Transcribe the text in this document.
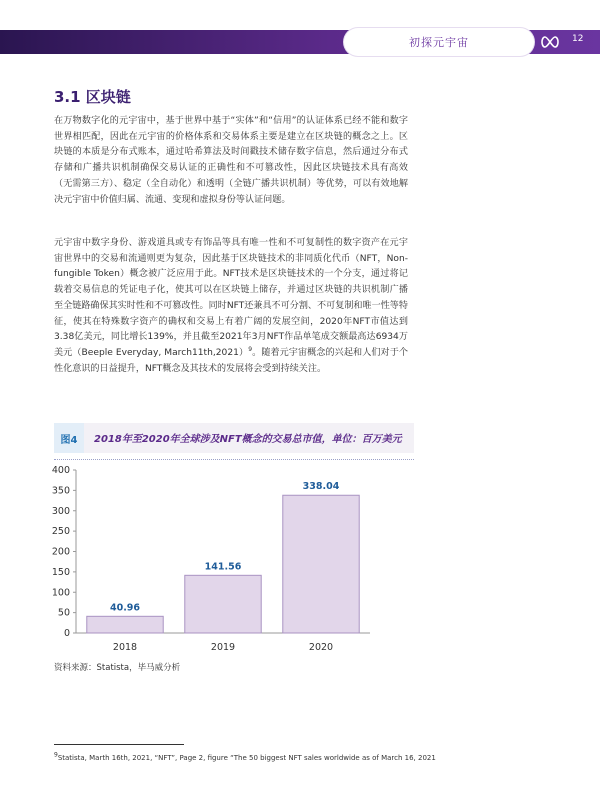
初探元宇宙	12
3.1 区块链

在万物数字化的元宇宙中，基于世界中基于“实体”和“信用”的认证体系已经不能和数字世界相匹配，因此在元宇宙的价格体系和交易体系主要是建立在区块链的概念之上。区块链的本质是分布式账本，通过哈希算法及时间戳技术储存数字信息，然后通过分布式存储和广播共识机制确保交易认证的正确性和不可篡改性，因此区块链技术具有高效（无需第三方）、稳定（全自动化）和透明（全链广播共识机制）等优势，可以有效地解决元宇宙中价值归属、流通、变现和虚拟身份等认证问题。

元宇宙中数字身份、游戏道具或专有饰品等具有唯一性和不可复制性的数字资产在元宇宙世界中的交易和流通则更为复杂，因此基于区块链技术的非同质化代币（NFT，Non-fungible Token）概念被广泛应用于此。NFT技术是区块链技术的一个分支，通过将记载着交易信息的凭证电子化，使其可以在区块链上储存，并通过区块链的共识机制广播至全链路确保其实时性和不可篡改性。同时NFT还兼具不可分割、不可复制和唯一性等特征，使其在特殊数字资产的确权和交易上有着广阔的发展空间，2020年NFT市值达到3.38亿美元，同比增长139%，并且截至2021年3月NFT作品单笔成交额最高达6934万美元（Beeple Everyday, March11th,2021）$^9$。随着元宇宙概念的兴起和人们对于个性化意识的日益提升，NFT概念及其技术的发展将会受到持续关注。

图4	2018年至2020年全球涉及NFT概念的交易总市值，单位：百万美元
0
50
100
150
200
250
300
350
400
40.96
2018
141.56
2019
338.04
2020
资料来源：Statista，毕马威分析
$^9$Statista, Marth 16th, 2021, “NFT”, Page 2, figure “The 50 biggest NFT sales worldwide as of March 16, 2021
